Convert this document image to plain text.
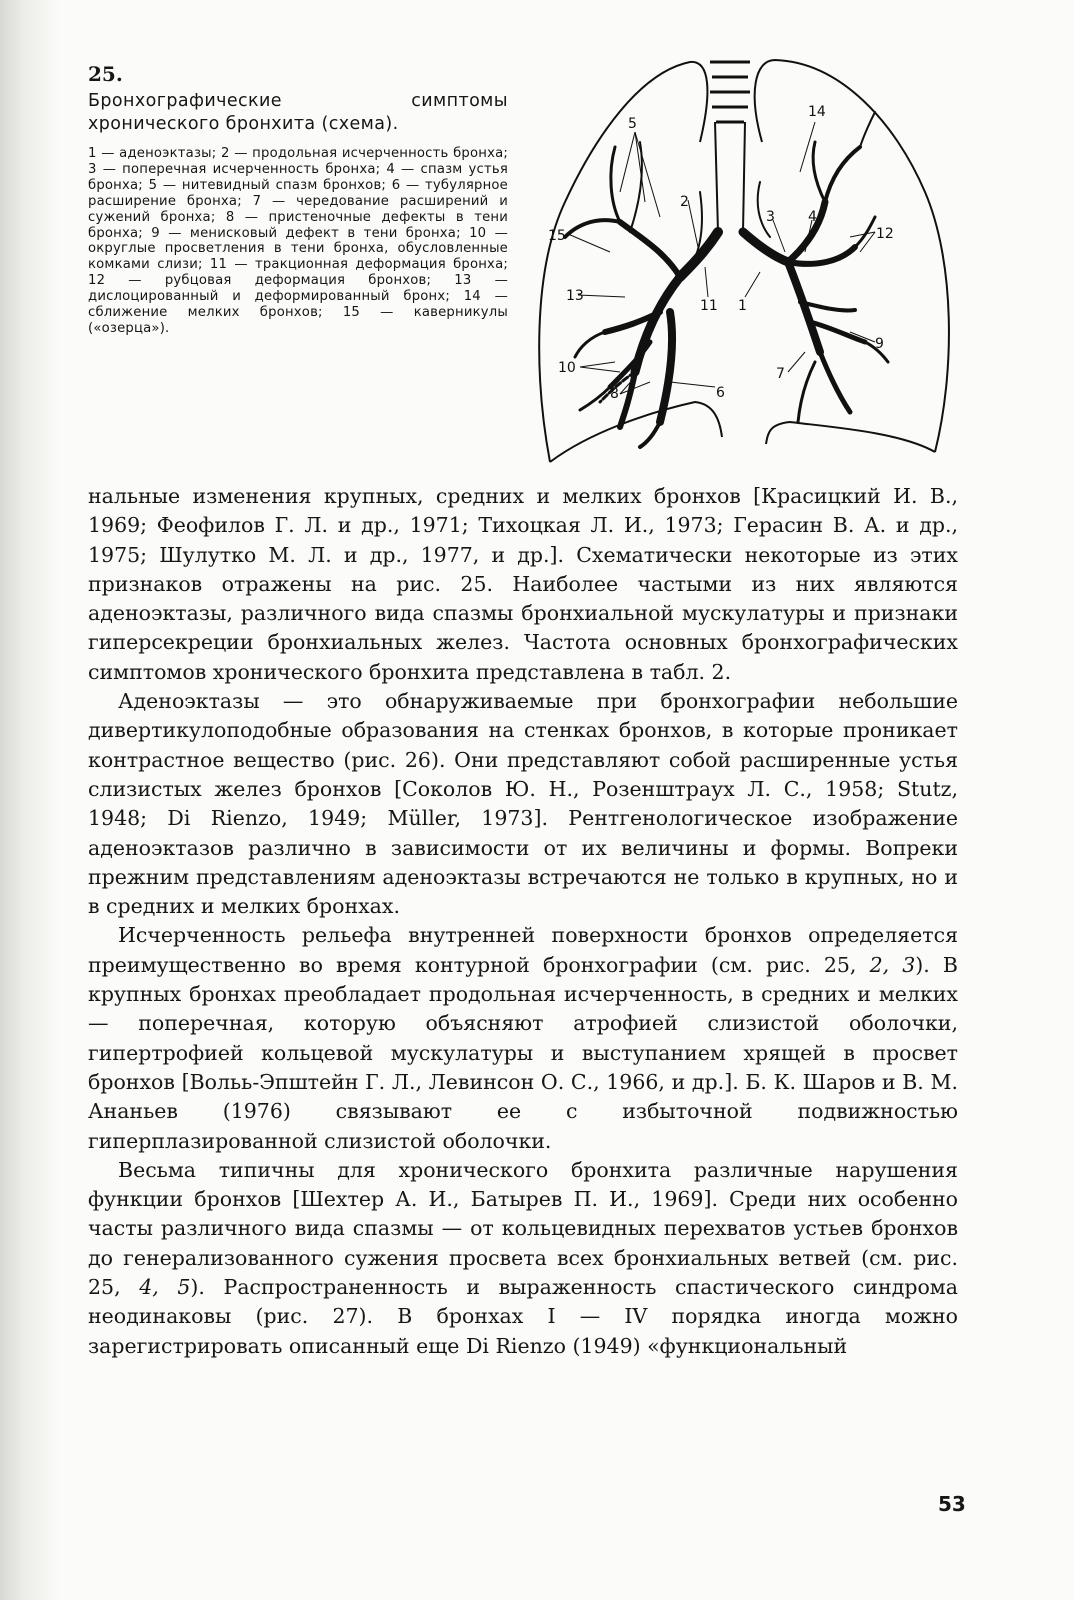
25.

Бронхографические симптомы хронического бронхита (схема).

1 — аденоэктазы; 2 — продольная исчерченность бронха; 3 — поперечная исчерченность бронха; 4 — спазм устья бронха; 5 — нитевидный спазм бронхов; 6 — тубулярное расширение бронха; 7 — чередование расширений и сужений бронха; 8 — пристеночные дефекты в тени бронха; 9 — менисковый дефект в тени бронха; 10 — округлые просветления в тени бронха, обусловленные комками слизи; 11 — тракционная деформация бронха; 12 — рубцовая деформация бронхов; 13 — дислоцированный и деформированный бронх; 14 — сближение мелких бронхов; 15 — каверникулы («озерца»).

5
14
15
2
3 4
12
13
11 1
9
10	7
8	6

нальные изменения крупных, средних и мелких бронхов [Красицкий И. В., 1969; Феофилов Г. Л. и др., 1971; Тихоцкая Л. И., 1973; Герасин В. А. и др., 1975; Шулутко М. Л. и др., 1977, и др.]. Схематически некоторые из этих признаков отражены на рис. 25. Наиболее частыми из них являются аденоэктазы, различного вида спазмы бронхиальной мускулатуры и признаки гиперсекреции бронхиальных желез. Частота основных бронхографических симптомов хронического бронхита представлена в табл. 2.

Аденоэктазы — это обнаруживаемые при бронхографии небольшие дивертикулоподобные образования на стенках бронхов, в которые проникает контрастное вещество (рис. 26). Они представляют собой расширенные устья слизистых желез бронхов [Соколов Ю. Н., Розенштраух Л. С., 1958; Stutz, 1948; Di Rienzo, 1949; Müller, 1973]. Рентгенологическое изображение аденоэктазов различно в зависимости от их величины и формы. Вопреки прежним представлениям аденоэктазы встречаются не только в крупных, но и в средних и мелких бронхах.

Исчерченность рельефа внутренней поверхности бронхов определяется преимущественно во время контурной бронхографии (см. рис. 25, 2, 3). В крупных бронхах преобладает продольная исчерченность, в средних и мелких — поперечная, которую объясняют атрофией слизистой оболочки, гипертрофией кольцевой мускулатуры и выступанием хрящей в просвет бронхов [Вольь-Эпштейн Г. Л., Левинсон О. С., 1966, и др.]. Б. К. Шаров и В. М. Ананьев (1976) связывают ее с избыточной подвижностью гиперплазированной слизистой оболочки.

Весьма типичны для хронического бронхита различные нарушения функции бронхов [Шехтер А. И., Батырев П. И., 1969]. Среди них особенно часты различного вида спазмы — от кольцевидных перехватов устьев бронхов до генерализованного сужения просвета всех бронхиальных ветвей (см. рис. 25, 4, 5). Распространенность и выраженность спастического синдрома неодинаковы (рис. 27). В бронхах I — IV порядка иногда можно зарегистрировать описанный еще Di Rienzo (1949) «функциональный

53
